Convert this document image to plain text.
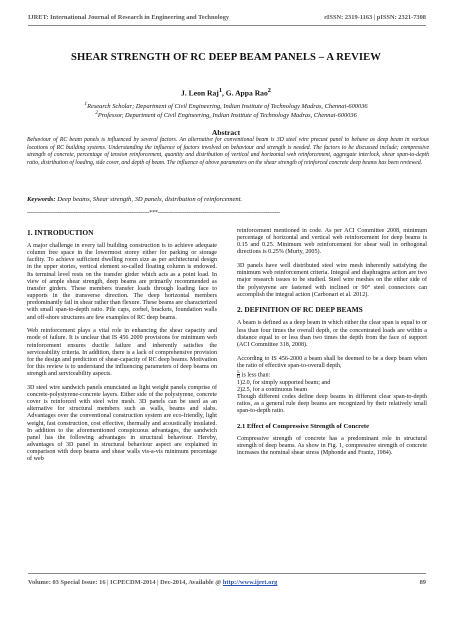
IJRET: International Journal of Research in Engineering and Technology	eISSN: 2319-1163 | pISSN: 2321-7308
SHEAR STRENGTH OF RC DEEP BEAM PANELS – A REVIEW
J. Leon Raj$^1$, G. Appa Rao$^2$
$^1$Research Scholar; Department of Civil Engineering, Indian Institute of Technology Madras, Chennai-600036
$^2$Professor, Department of Civil Engineering, Indian Institute of Technology Madras, Chennai-600036
Abstract
Behaviour of RC beam panels is influenced by several factors. An alternative for conventional beam is 3D steel wire precast panel to behave as deep beam in various locations of RC building systems. Understanding the influence of factors involved on behaviour and strength is needed. The factors to be discussed include; compressive strength of concrete, percentage of tension reinforcement, quantity and distribution of vertical and horizontal web reinforcement, aggregate interlock, shear span-to-depth ratio, distribution of loading, side cover, and depth of beam. The influence of above parameters on the shear strength of reinforced concrete deep beams has been reviewed.
Keywords: Deep beams, Shear strength, 3D panels, distribution of reinforcement.
--------------------------------------------------------------------***--------------------------------------------------------------------
1. INTRODUCTION

A major challenge in every tall building construction is to achieve adequate column free space in the lowermost storey either for parking or storage facility. To achieve sufficient dwelling room size as per architectural design in the upper stories, vertical element so-called floating column is endowed. Its terminal level rests on the transfer girder which acts as a point load. In view of ample shear strength, deep beams are primarily recommended as transfer girders. These members transfer loads through loading face to supports in the transverse direction. The deep horizontal members predominantly fail in shear rather than flexure. These beams are characterized with small span-to-depth ratio. Pile caps, corbel, brackets, foundation walls and off-shore structures are few examples of RC deep beams.

Web reinforcement plays a vital role in enhancing the shear capacity and mode of failure. It is unclear that IS 456 2000 provisions for minimum web reinforcement ensures ductile failure and inherently satisfies the serviceability criteria. In addition, there is a lack of comprehensive provision for the design and prediction of shear-capacity of RC deep beams. Motivation for this review is to understand the influencing parameters of deep beams on strength and serviceability aspects.

3D steel wire sandwich panels enunciated as light weight panels comprise of concrete-polystyrene-concrete layers. Either side of the polystyrene, concrete cover is reinforced with steel wire mesh. 3D panels can be used as an alternative for structural members such as walls, beams and slabs. Advantages over the conventional construction system are eco-friendly, light weight, fast construction, cost effective, thermally and acoustically insulated. In addition to the aforementioned conspicuous advantages, the sandwich panel has the following advantages in structural behaviour. Hereby, advantages of 3D panel in structural behaviour aspect are explained in comparison with deep beams and shear walls vis-a-vis minimum percentage of web

reinforcement mentioned in code. As per ACI Committee 2008, minimum percentage of horizontal and vertical web reinforcement for deep beams is 0.15 and 0.25. Minimum web reinforcement for shear wall in orthogonal directions is 0.25% (Murty, 2005).

3D panels have well distributed steel wire mesh inherently satisfying the minimum web reinforcement criteria. Integral and diaphragms action are two major research issues to be studied. Steel wire meshes on the either side of the polystyrene are fastened with inclined or 90° steel connectors can accomplish the integral action (Carbonari et al. 2012).

2. DEFINITION OF RC DEEP BEAMS

A beam is defined as a deep beam in which either the clear span is equal to or less than four times the overall depth, or the concentrated loads are within a distance equal to or less than two times the depth from the face of support (ACI Committee 318, 2008).

According to IS 456-2000 a beam shall be deemed to be a deep beam when the ratio of effective span-to-overall depth,
$\frac{L}{D}$ is less than:
1)2.0, for simply supported beam; and
2)2.5, for a continuous beam
Though different codes define deep beams in different clear span-to-depth ratios, as a general rule deep beams are recognized by their relatively small span-to-depth ratio.

2.1 Effect of Compressive Strength of Concrete

Compressive strength of concrete has a predominant role in structural strength of deep beams. As show in Fig. 1, compressive strength of concrete increases the nominal shear stress (Mphonde and Frantz, 1984).

Volume: 03 Special Issue: 16 | ICPECDM-2014 | Dec-2014, Available @ http://www.ijret.org	89
